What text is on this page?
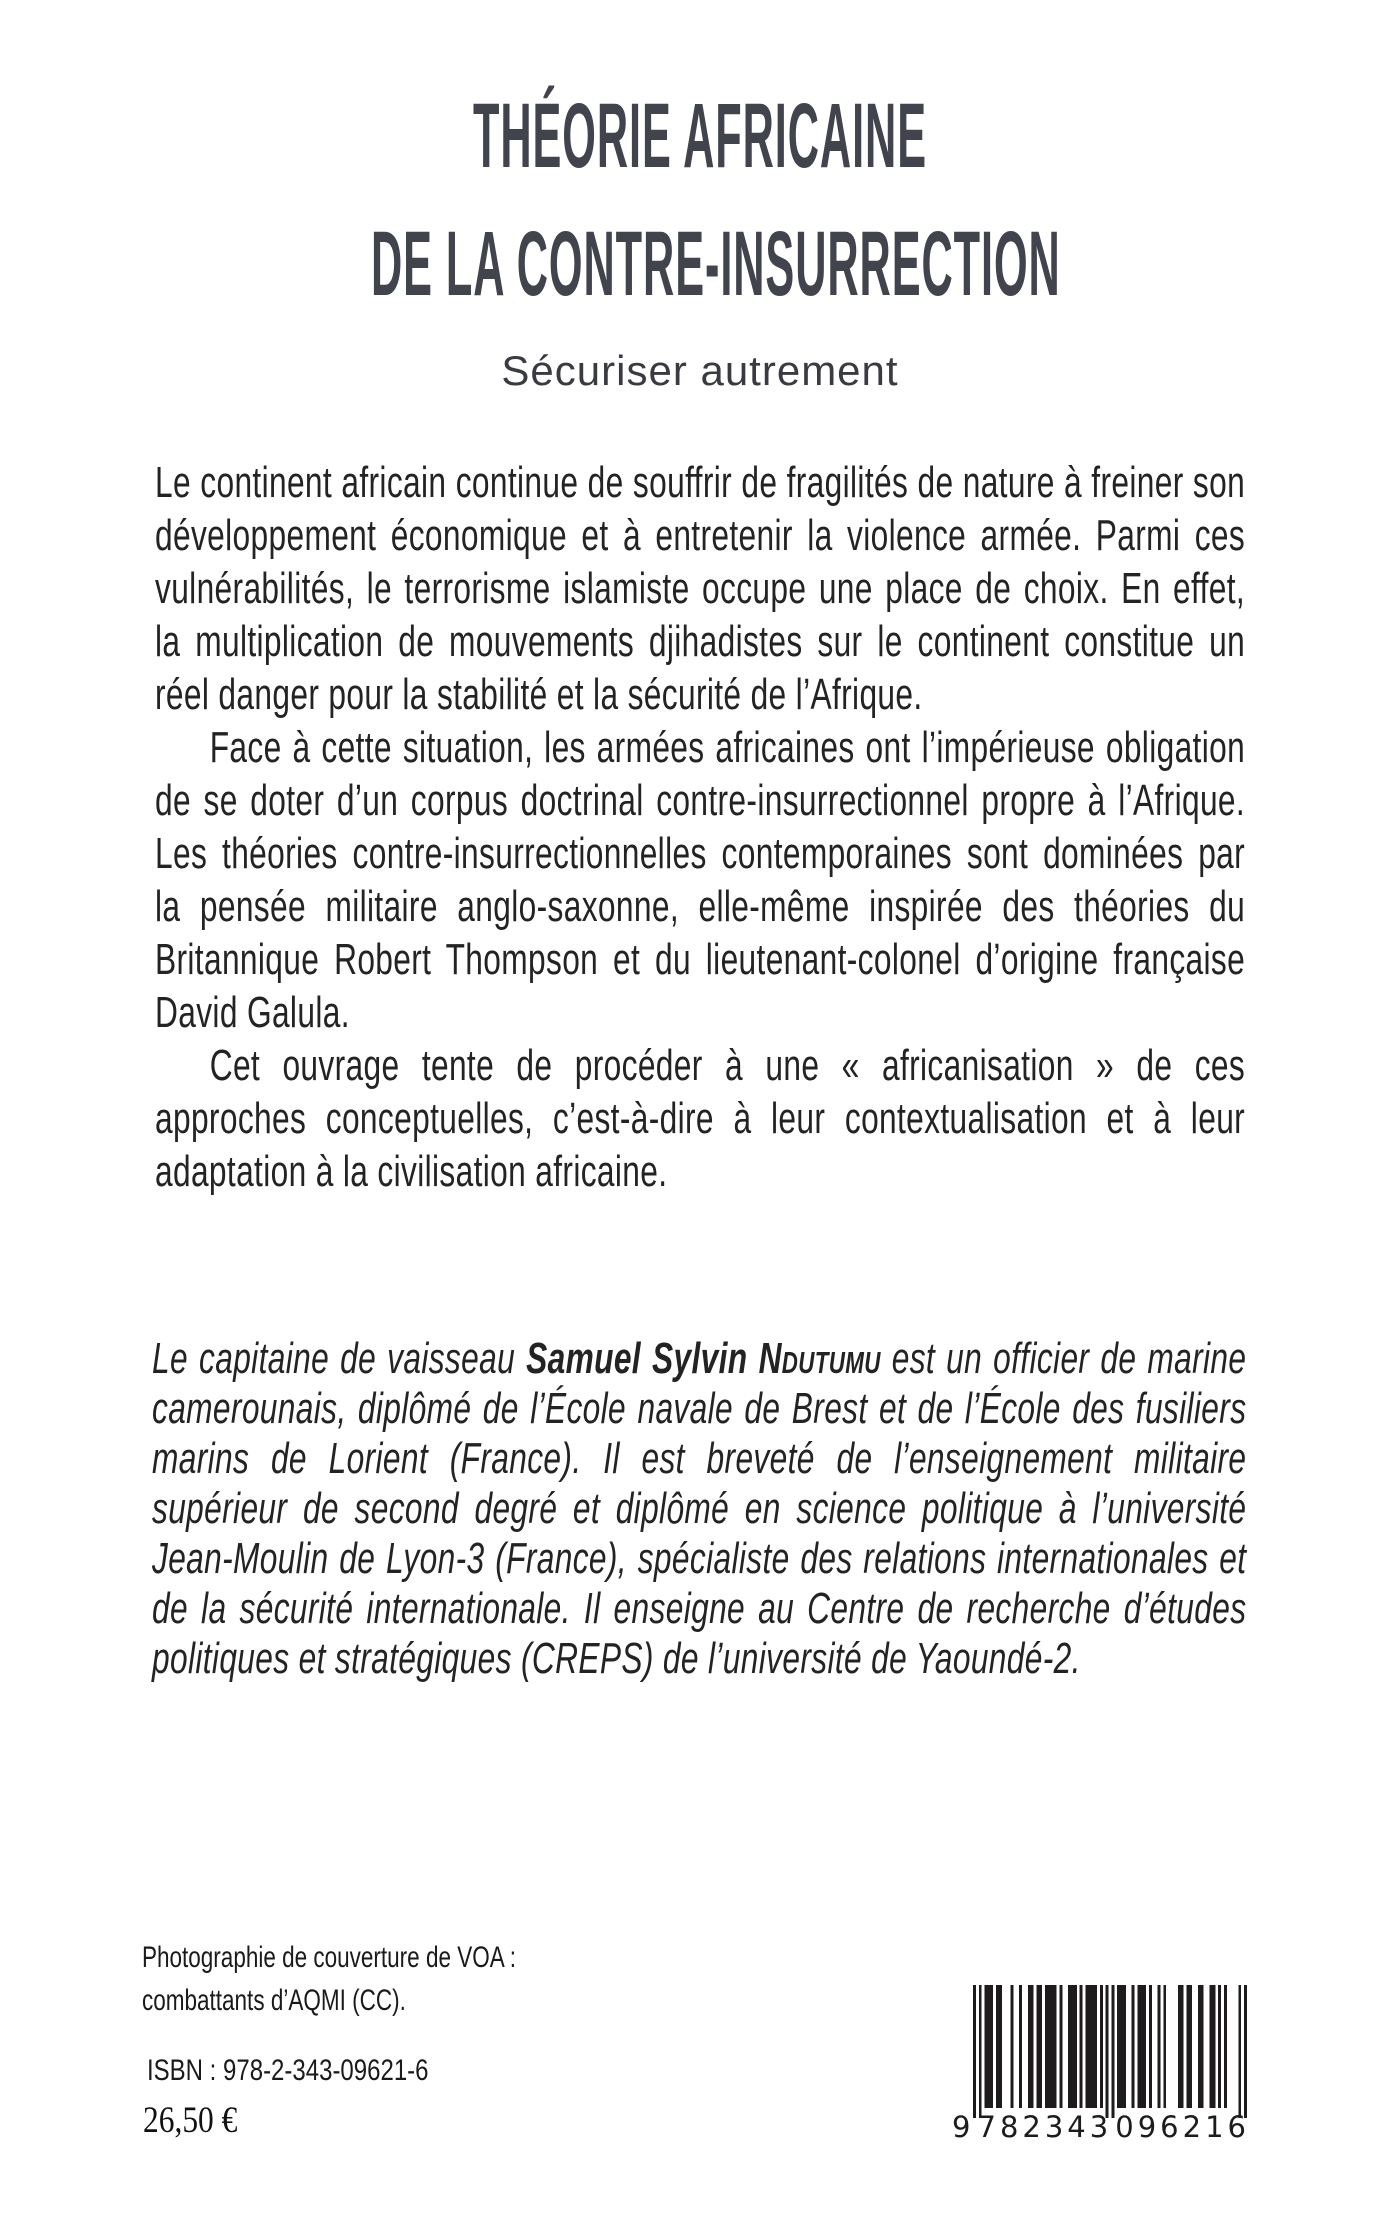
THÉORIE AFRICAINE
DE LA CONTRE-INSURRECTION
Sécuriser autrement

Le continent africain continue de souffrir de fragilités de nature à freiner son développement économique et à entretenir la violence armée. Parmi ces vulnérabilités, le terrorisme islamiste occupe une place de choix. En effet, la multiplication de mouvements djihadistes sur le continent constitue un réel danger pour la stabilité et la sécurité de l’Afrique.

Face à cette situation, les armées africaines ont l’impérieuse obligation de se doter d’un corpus doctrinal contre-insurrectionnel propre à l’Afrique. Les théories contre-insurrectionnelles contemporaines sont dominées par la pensée militaire anglo-saxonne, elle-même inspirée des théories du Britannique Robert Thompson et du lieutenant-colonel d’origine française David Galula.

Cet ouvrage tente de procéder à une « africanisation » de ces approches conceptuelles, c’est-à-dire à leur contextualisation et à leur adaptation à la civilisation africaine.

Le capitaine de vaisseau Samuel Sylvin Ndutumu est un officier de marine camerounais, diplômé de l’École navale de Brest et de l’École des fusiliers marins de Lorient (France). Il est breveté de l’enseignement militaire supérieur de second degré et diplômé en science politique à l’université Jean-Moulin de Lyon-3 (France), spécialiste des relations internationales et de la sécurité internationale. Il enseigne au Centre de recherche d’études politiques et stratégiques (CREPS) de l’université de Yaoundé-2.

Photographie de couverture de VOA :
combattants d’AQMI (CC).
ISBN : 978-2-343-09621-6
26,50 €	9 782343 096216
